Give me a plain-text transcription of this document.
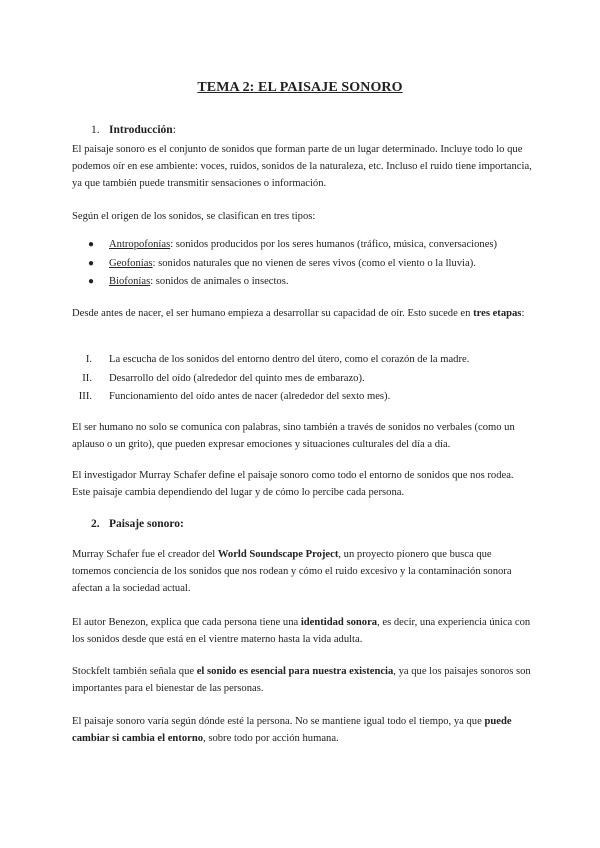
TEMA 2: EL PAISAJE SONORO
1. Introducción:

El paisaje sonoro es el conjunto de sonidos que forman parte de un lugar determinado. Incluye todo lo que podemos oír en ese ambiente: voces, ruidos, sonidos de la naturaleza, etc. Incluso el ruido tiene importancia, ya que también puede transmitir sensaciones o información.

Según el origen de los sonidos, se clasifican en tres tipos:

● Antropofonías: sonidos producidos por los seres humanos (tráfico, música, conversaciones)
● Geofonías: sonidos naturales que no vienen de seres vivos (como el viento o la lluvia).
● Biofonías: sonidos de animales o insectos.

Desde antes de nacer, el ser humano empieza a desarrollar su capacidad de oír. Esto sucede en tres etapas:

I. La escucha de los sonidos del entorno dentro del útero, como el corazón de la madre.
II. Desarrollo del oído (alrededor del quinto mes de embarazo).
III. Funcionamiento del oído antes de nacer (alrededor del sexto mes).

El ser humano no solo se comunica con palabras, sino también a través de sonidos no verbales (como un aplauso o un grito), que pueden expresar emociones y situaciones culturales del día a día.

El investigador Murray Schafer define el paisaje sonoro como todo el entorno de sonidos que nos rodea. Este paisaje cambia dependiendo del lugar y de cómo lo percibe cada persona.

2. Paisaje sonoro:

Murray Schafer fue el creador del World Soundscape Project, un proyecto pionero que busca que tomemos conciencia de los sonidos que nos rodean y cómo el ruido excesivo y la contaminación sonora afectan a la sociedad actual.

El autor Benezon, explica que cada persona tiene una identidad sonora, es decir, una experiencia única con los sonidos desde que está en el vientre materno hasta la vida adulta.

Stockfelt también señala que el sonido es esencial para nuestra existencia, ya que los paisajes sonoros son importantes para el bienestar de las personas.

El paisaje sonoro varía según dónde esté la persona. No se mantiene igual todo el tiempo, ya que puede cambiar si cambia el entorno, sobre todo por acción humana.
